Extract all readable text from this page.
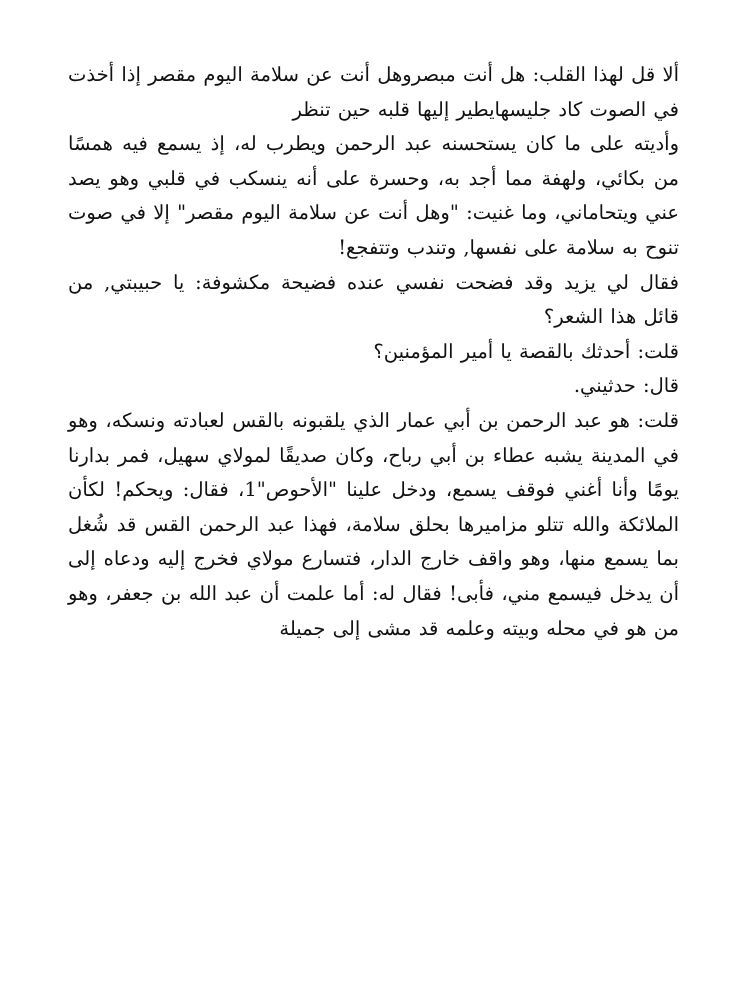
ألا قل لهذا القلب: هل أنت مبصروهل أنت عن سلامة اليوم مقصر إذا أخذت في الصوت كاد جليسهايطير إليها قلبه حين تنظر

وأديته على ما كان يستحسنه عبد الرحمن ويطرب له، إذ يسمع فيه همسًا من بكائي، ولهفة مما أجد به، وحسرة على أنه ينسكب في قلبي وهو يصد عني ويتحاماني، وما غنيت: "وهل أنت عن سلامة اليوم مقصر" إلا في صوت تنوح به سلامة على نفسها, وتندب وتتفجع!

فقال لي يزيد وقد فضحت نفسي عنده فضيحة مكشوفة: يا حبيبتي, من قائل هذا الشعر؟

قلت: أحدثك بالقصة يا أمير المؤمنين؟

قال: حدثيني.

قلت: هو عبد الرحمن بن أبي عمار الذي يلقبونه بالقس لعبادته ونسكه، وهو في المدينة يشبه عطاء بن أبي رباح، وكان صديقًا لمولاي سهيل، فمر بدارنا يومًا وأنا أغني فوقف يسمع، ودخل علينا "الأحوص"1، فقال: ويحكم! لكأن الملائكة والله تتلو مزاميرها بحلق سلامة، فهذا عبد الرحمن القس قد شُغل بما يسمع منها، وهو واقف خارج الدار، فتسارع مولاي فخرج إليه ودعاه إلى أن يدخل فيسمع مني، فأبى! فقال له: أما علمت أن عبد الله بن جعفر، وهو من هو في محله وبيته وعلمه قد مشى إلى جميلة
